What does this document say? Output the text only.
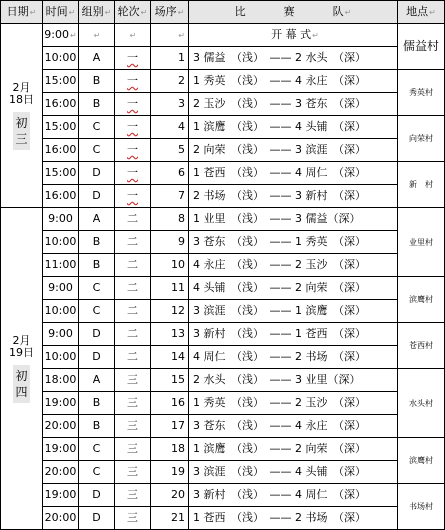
日期↵	时间↵	组别↵	轮次↵	场序↵	比 赛 队↵	地点↵

2月
18日
初
三	9:00↵	↵	↵	↵	开 幕 式↵	儒益村
	10:00	A	一	1	3 儒益　（浅）　—— 2 水头　（深）	
	15:00	B	一	2	1 秀英　（浅）　—— 4 永庄　（深）	秀英村
	16:00	B	一	3	2 玉沙　（浅）　—— 3 苍东　（深）	
	15:00	C	一	4	1 滨鹰　（浅）　—— 4 头铺　（深）	向荣村
	16:00	C	一	5	2 向荣　（浅）　—— 3 滨涯　（深）	
	15:00	D	一	6	1 苍西　（浅）　—— 4 周仁　（深）	新　村
	16:00	D	一	7	2 书场　（浅）　—— 3 新村　（深）	

2月
19日
初
四	9:00	A	二	8	1 业里　（浅）　—— 3 儒益（深）	业里村
	10:00	B	二	9	3 苍东　（浅）　—— 1 秀英　（深）	
	11:00	B	二	10	4 永庄　（浅）　—— 2 玉沙　（深）	
	9:00	C	二	11	4 头铺　（浅）　—— 2 向荣　（深）	滨鹰村
	10:00	C	二	12	3 滨涯　（浅）　—— 1 滨鹰　（深）	
	9:00	D	二	13	3 新村　（浅）　—— 1 苍西　（深）	苍西村
	10:00	D	二	14	4 周仁　（浅）　—— 2 书场　（深）	
	18:00	A	三	15	2 水头　（浅）　—— 3 业里（深）	水头村
	19:00	B	三	16	1 秀英　（浅）　—— 2 玉沙　（深）	
	20:00	B	三	17	3 苍东　（浅）　—— 4 永庄　（深）	
	19:00	C	三	18	1 滨鹰　（浅）　—— 2 向荣　（深）	滨鹰村
	20:00	C	三	19	3 滨涯　（浅）　—— 4 头铺　（深）	
	19:00	D	三	20	3 新村　（浅）　—— 4 周仁　（深）	书场村
	20:00	D	三	21	1 苍西　（浅）　—— 2 书场　（深）	
